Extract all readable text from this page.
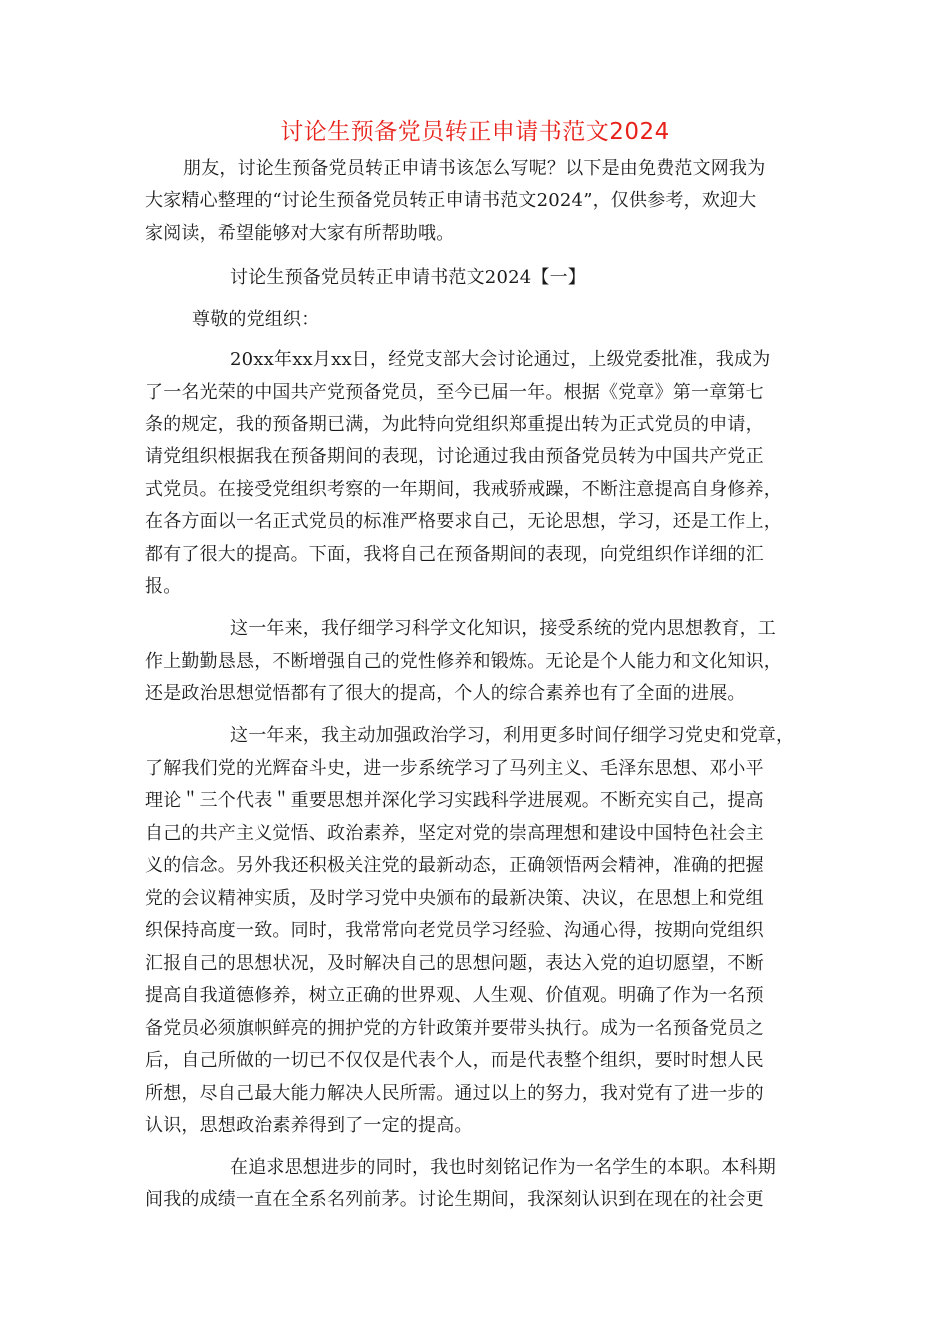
讨论生预备党员转正申请书范文2024
朋友，讨论生预备党员转正申请书该怎么写呢？以下是由免费范文网我为
大家精心整理的“讨论生预备党员转正申请书范文2024”，仅供参考，欢迎大
家阅读，希望能够对大家有所帮助哦。
讨论生预备党员转正申请书范文2024【一】
尊敬的党组织：
20xx年xx月xx日，经党支部大会讨论通过，上级党委批准，我成为
了一名光荣的中国共产党预备党员，至今已届一年。根据《党章》第一章第七
条的规定，我的预备期已满，为此特向党组织郑重提出转为正式党员的申请，
请党组织根据我在预备期间的表现，讨论通过我由预备党员转为中国共产党正
式党员。在接受党组织考察的一年期间，我戒骄戒躁，不断注意提高自身修养，
在各方面以一名正式党员的标准严格要求自己，无论思想，学习，还是工作上，
都有了很大的提高。下面，我将自己在预备期间的表现，向党组织作详细的汇
报。
这一年来，我仔细学习科学文化知识，接受系统的党内思想教育，工
作上勤勤恳恳，不断增强自己的党性修养和锻炼。无论是个人能力和文化知识，
还是政治思想觉悟都有了很大的提高，个人的综合素养也有了全面的进展。
这一年来，我主动加强政治学习，利用更多时间仔细学习党史和党章，
了解我们党的光辉奋斗史，进一步系统学习了马列主义、毛泽东思想、邓小平
理论＂三个代表＂重要思想并深化学习实践科学进展观。不断充实自己，提高
自己的共产主义觉悟、政治素养，坚定对党的崇高理想和建设中国特色社会主
义的信念。另外我还积极关注党的最新动态，正确领悟两会精神，准确的把握
党的会议精神实质，及时学习党中央颁布的最新决策、决议，在思想上和党组
织保持高度一致。同时，我常常向老党员学习经验、沟通心得，按期向党组织
汇报自己的思想状况，及时解决自己的思想问题，表达入党的迫切愿望，不断
提高自我道德修养，树立正确的世界观、人生观、价值观。明确了作为一名预
备党员必须旗帜鲜亮的拥护党的方针政策并要带头执行。成为一名预备党员之
后，自己所做的一切已不仅仅是代表个人，而是代表整个组织，要时时想人民
所想，尽自己最大能力解决人民所需。通过以上的努力，我对党有了进一步的
认识，思想政治素养得到了一定的提高。
在追求思想进步的同时，我也时刻铭记作为一名学生的本职。本科期
间我的成绩一直在全系名列前茅。讨论生期间，我深刻认识到在现在的社会更
